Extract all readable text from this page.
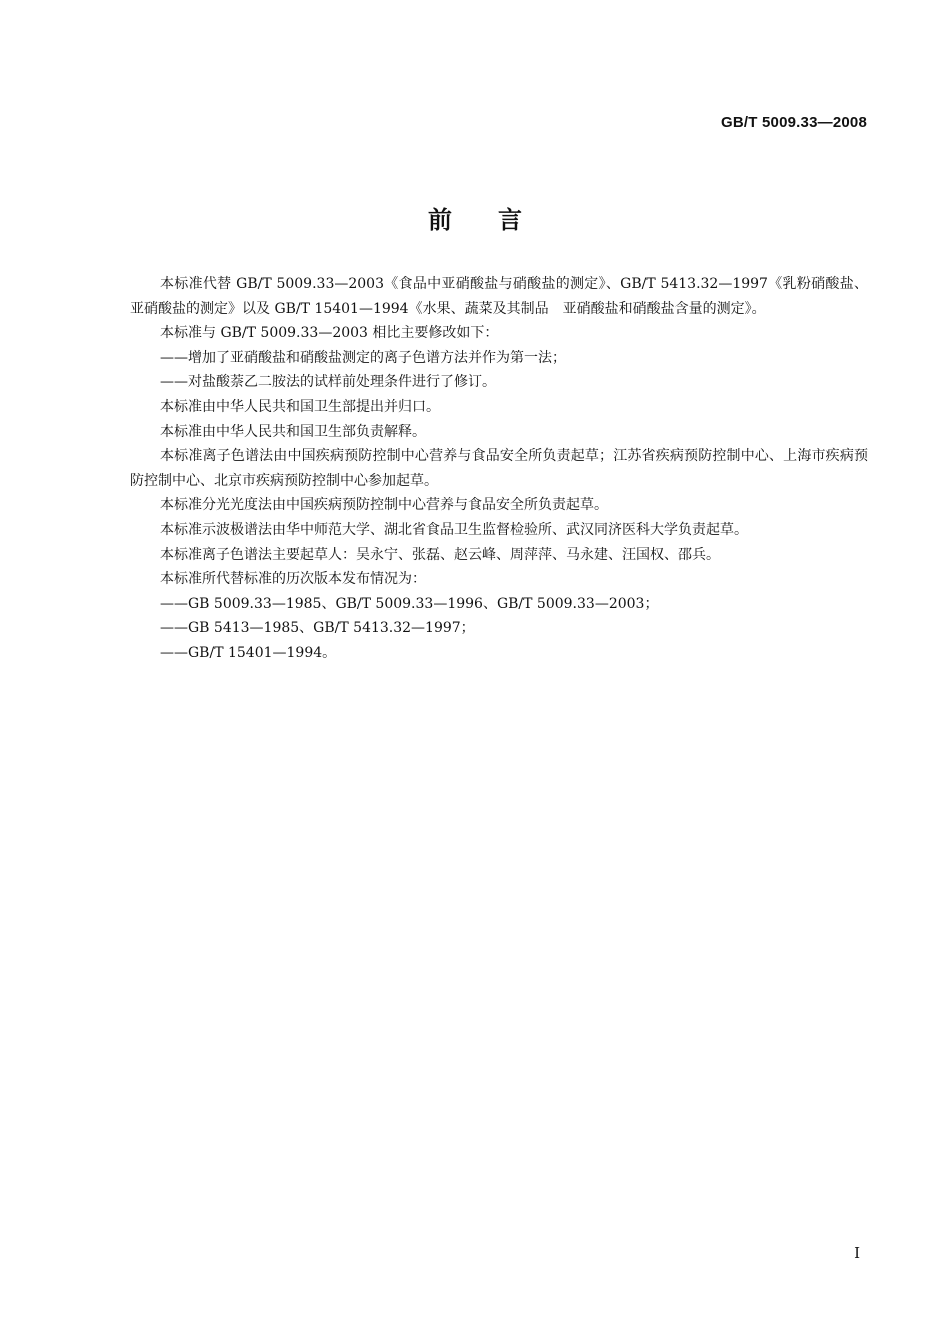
GB/T 5009.33—2008
前言

本标准代替 GB/T 5009.33—2003《食品中亚硝酸盐与硝酸盐的测定》、GB/T 5413.32—1997《乳粉硝酸盐、亚硝酸盐的测定》以及 GB/T 15401—1994《水果、蔬菜及其制品　亚硝酸盐和硝酸盐含量的测定》。

本标准与 GB/T 5009.33—2003 相比主要修改如下：

——增加了亚硝酸盐和硝酸盐测定的离子色谱方法并作为第一法；

——对盐酸萘乙二胺法的试样前处理条件进行了修订。

本标准由中华人民共和国卫生部提出并归口。

本标准由中华人民共和国卫生部负责解释。

本标准离子色谱法由中国疾病预防控制中心营养与食品安全所负责起草；江苏省疾病预防控制中心、上海市疾病预防控制中心、北京市疾病预防控制中心参加起草。

本标准分光光度法由中国疾病预防控制中心营养与食品安全所负责起草。

本标准示波极谱法由华中师范大学、湖北省食品卫生监督检验所、武汉同济医科大学负责起草。

本标准离子色谱法主要起草人：吴永宁、张磊、赵云峰、周萍萍、马永建、汪国权、邵兵。

本标准所代替标准的历次版本发布情况为：

——GB 5009.33—1985、GB/T 5009.33—1996、GB/T 5009.33—2003；

——GB 5413—1985、GB/T 5413.32—1997；

——GB/T 15401—1994。

I
